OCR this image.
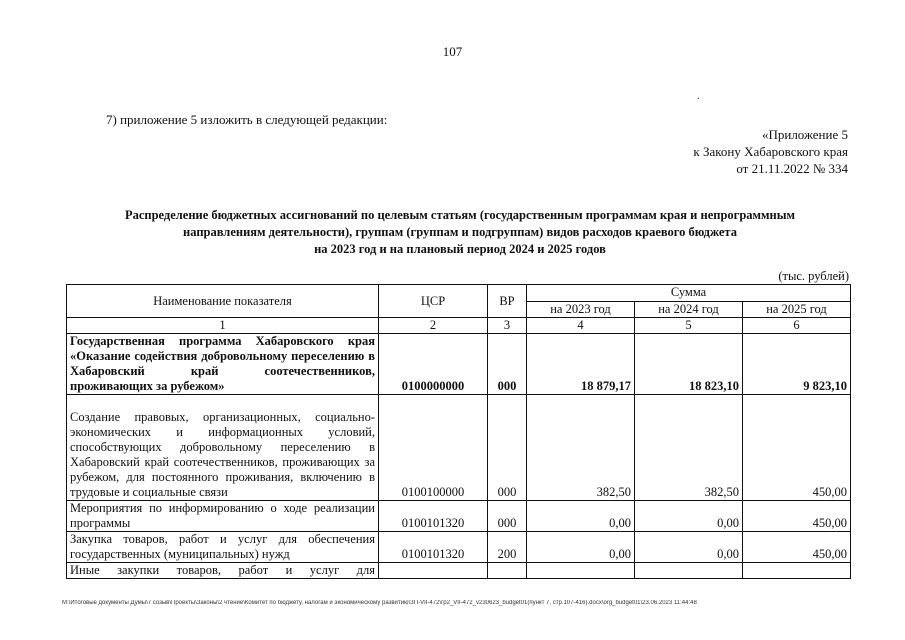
107
.
7) приложение 5 изложить в следующей редакции:
«Приложение 5
к Закону Хабаровского края
от 21.11.2022 № 334
Распределение бюджетных ассигнований по целевым статьям (государственным программам края и непрограммным
направлениям деятельности), группам (группам и подгруппам) видов расходов краевого бюджета
на 2023 год и на плановый период 2024 и 2025 годов
(тыс. рублей)
Наименование показателя	ЦСР	ВР	Сумма		
			на 2023 год	на 2024 год	на 2025 год
1	2	3	4	5	6
Государственная программа Хабаровского края «Оказание содействия добровольному переселению в Хабаровский край соотечественников, проживающих за рубежом»	0100000000	000	18 879,17	18 823,10	9 823,10
Создание правовых, организационных, социально-экономических и информационных условий, способствующих добровольному переселению в Хабаровский край соотечественников, проживающих за рубежом, для постоянного проживания, включению в трудовые и социальные связи	0100100000	000	382,50	382,50	450,00
Мероприятия по информированию о ходе реализации программы	0100101320	000	0,00	0,00	450,00
Закупка товаров, работ и услуг для обеспечения государственных (муниципальных) нужд	0100101320	200	0,00	0,00	450,00
Иные закупки товаров, работ и услуг для					
M:\Итоговые документы Думы\7 созыв\Проекты\Законы\2 чтение\Комитет по бюджету, налогам и экономическому развитию\ЗП-VII-472\гр2_VII-472_v230623_budget01(пункт 7, стр.107-416).docx\org_budget01\23.06.2023 11:44:48
